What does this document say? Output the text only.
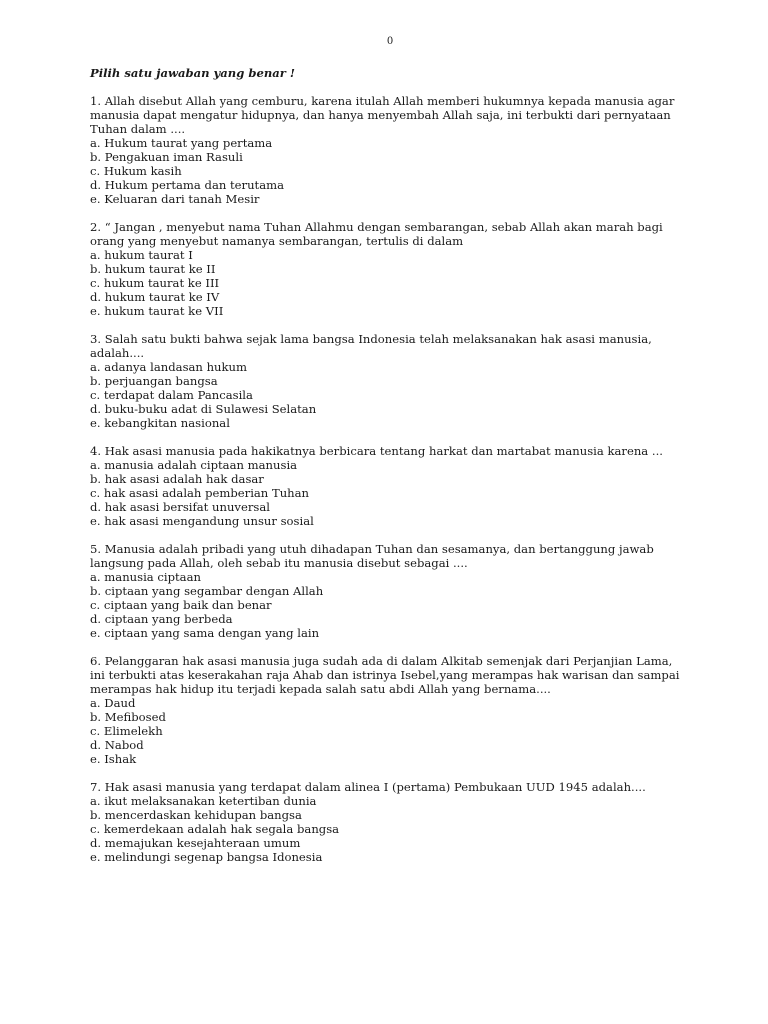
0
Pilih satu jawaban yang benar !
1. Allah disebut Allah yang cemburu, karena itulah Allah memberi hukumnya kepada manusia agar
manusia dapat mengatur hidupnya, dan hanya menyembah Allah saja, ini terbukti dari pernyataan
Tuhan dalam ....
a. Hukum taurat yang pertama
b. Pengakuan iman Rasuli
c. Hukum kasih
d. Hukum pertama dan terutama
e. Keluaran dari tanah Mesir
2. “ Jangan , menyebut nama Tuhan Allahmu dengan sembarangan, sebab Allah akan marah bagi
orang yang menyebut namanya sembarangan, tertulis di dalam
a. hukum taurat I
b. hukum taurat ke II
c. hukum taurat ke III
d. hukum taurat ke IV
e. hukum taurat ke VII
3. Salah satu bukti bahwa sejak lama bangsa Indonesia telah melaksanakan hak asasi manusia,
adalah....
a. adanya landasan hukum
b. perjuangan bangsa
c. terdapat dalam Pancasila
d. buku-buku adat di Sulawesi Selatan
e. kebangkitan nasional
4. Hak asasi manusia pada hakikatnya berbicara tentang harkat dan martabat manusia karena ...
a. manusia adalah ciptaan manusia
b. hak asasi adalah hak dasar
c. hak asasi adalah pemberian Tuhan
d. hak asasi bersifat unuversal
e. hak asasi mengandung unsur sosial
5. Manusia adalah pribadi yang utuh dihadapan Tuhan dan sesamanya, dan bertanggung jawab
langsung pada Allah, oleh sebab itu manusia disebut sebagai ....
a. manusia ciptaan
b. ciptaan yang segambar dengan Allah
c. ciptaan yang baik dan benar
d. ciptaan yang berbeda
e. ciptaan yang sama dengan yang lain
6. Pelanggaran hak asasi manusia juga sudah ada di dalam Alkitab semenjak dari Perjanjian Lama,
ini terbukti atas keserakahan raja Ahab dan istrinya Isebel,yang merampas hak warisan dan sampai
merampas hak hidup itu terjadi kepada salah satu abdi Allah yang bernama....
a. Daud
b. Mefibosed
c. Elimelekh
d. Nabod
e. Ishak
7. Hak asasi manusia yang terdapat dalam alinea I (pertama) Pembukaan UUD 1945 adalah....
a. ikut melaksanakan ketertiban dunia
b. mencerdaskan kehidupan bangsa
c. kemerdekaan adalah hak segala bangsa
d. memajukan kesejahteraan umum
e. melindungi segenap bangsa Idonesia
